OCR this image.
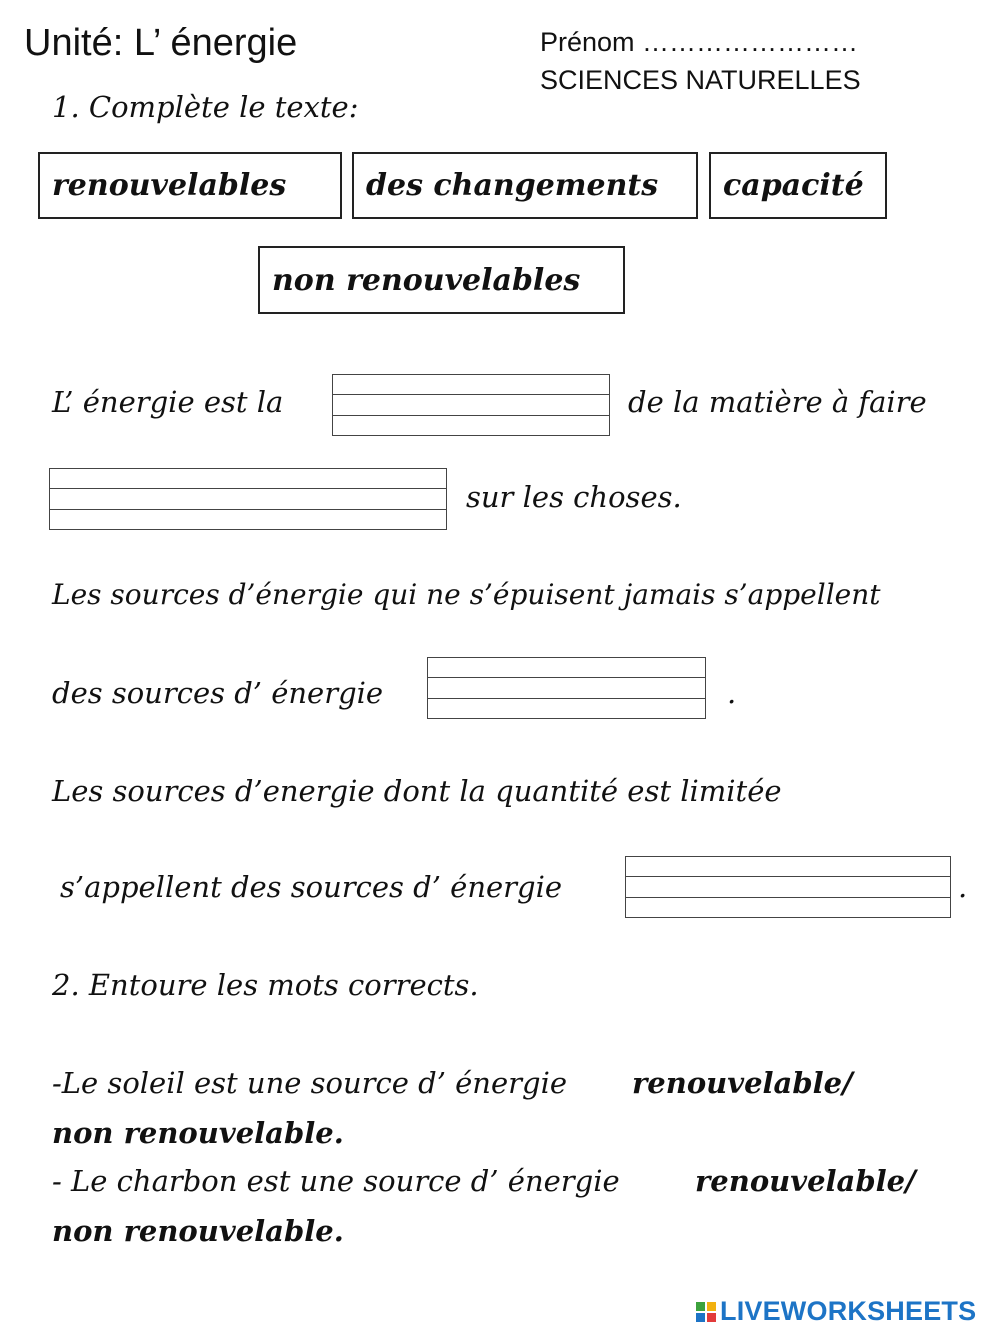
Unité: L’ énergie	Prénom ……………………
SCIENCES NATURELLES
1. Complète le texte:
renouvelables	des changements	capacité
non renouvelables
L’ énergie est la	de la matière à faire
sur les choses.
Les sources d’énergie qui ne s’épuisent jamais s’appellent
des sources d’ énergie	.
Les sources d’energie dont la quantité est limitée
s’appellent des sources d’ énergie	.
2. Entoure les mots corrects.
-Le soleil est une source d’ énergie renouvelable/
non renouvelable.
- Le charbon est une source d’ énergie	renouvelable/
non renouvelable.
LIVEWORKSHEETS
